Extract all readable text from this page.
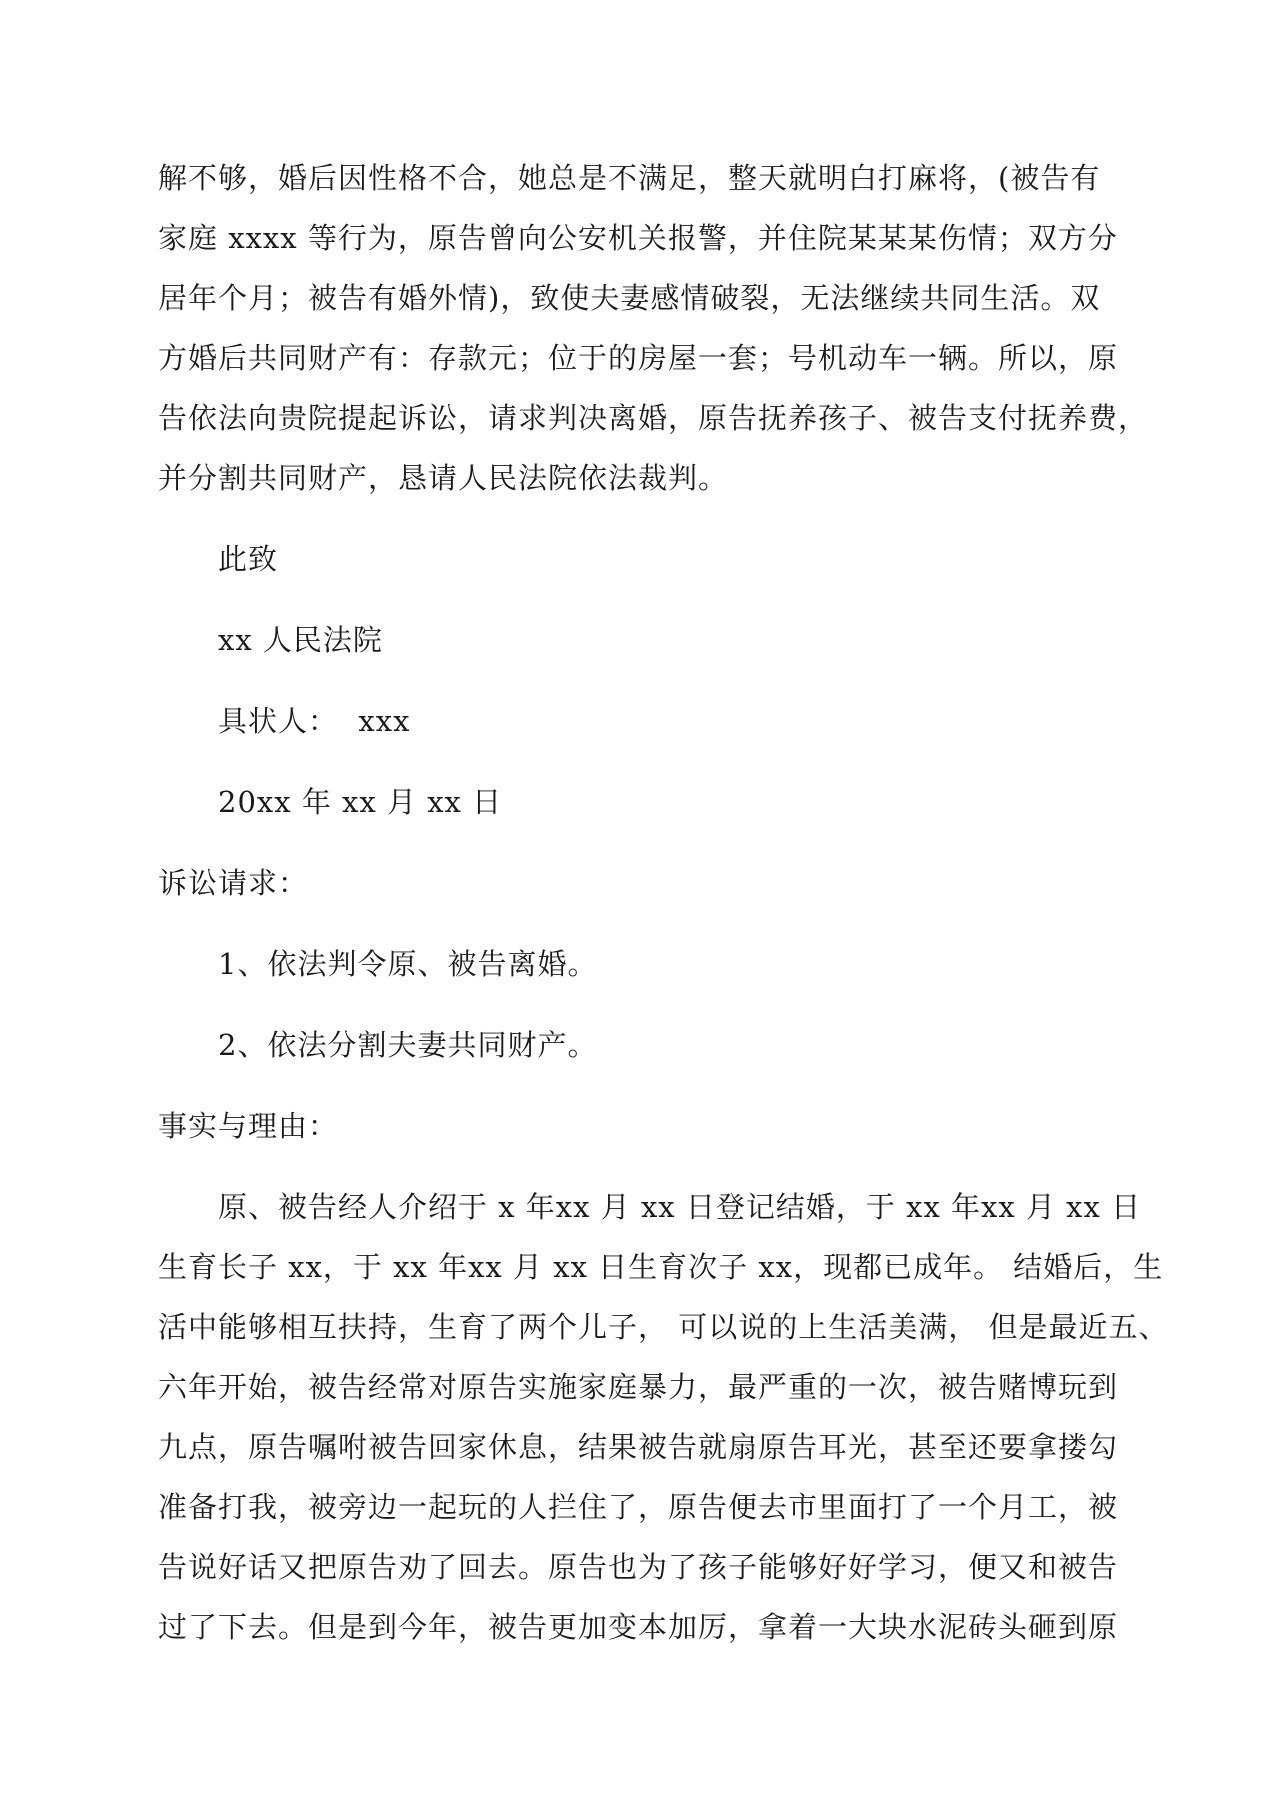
解不够，婚后因性格不合，她总是不满足，整天就明白打麻将，(被告有
家庭 xxxx 等行为，原告曾向公安机关报警，并住院某某某伤情；双方分
居年个月；被告有婚外情)，致使夫妻感情破裂，无法继续共同生活。双
方婚后共同财产有：存款元；位于的房屋一套；号机动车一辆。所以，原
告依法向贵院提起诉讼，请求判决离婚，原告抚养孩子、被告支付抚养费，
并分割共同财产，恳请人民法院依法裁判。

此致

xx 人民法院

具状人：  xxx

20xx 年 xx 月 xx 日

诉讼请求：

1、依法判令原、被告离婚。

2、依法分割夫妻共同财产。

事实与理由：

原、被告经人介绍于 x 年xx 月 xx 日登记结婚，于 xx 年xx 月 xx 日
生育长子 xx，于 xx 年xx 月 xx 日生育次子 xx，现都已成年。 结婚后，生
活中能够相互扶持，生育了两个儿子， 可以说的上生活美满， 但是最近五、
六年开始，被告经常对原告实施家庭暴力，最严重的一次，被告赌博玩到
九点，原告嘱咐被告回家休息，结果被告就扇原告耳光，甚至还要拿搂勾
准备打我，被旁边一起玩的人拦住了，原告便去市里面打了一个月工，被
告说好话又把原告劝了回去。原告也为了孩子能够好好学习，便又和被告
过了下去。但是到今年，被告更加变本加厉，拿着一大块水泥砖头砸到原
